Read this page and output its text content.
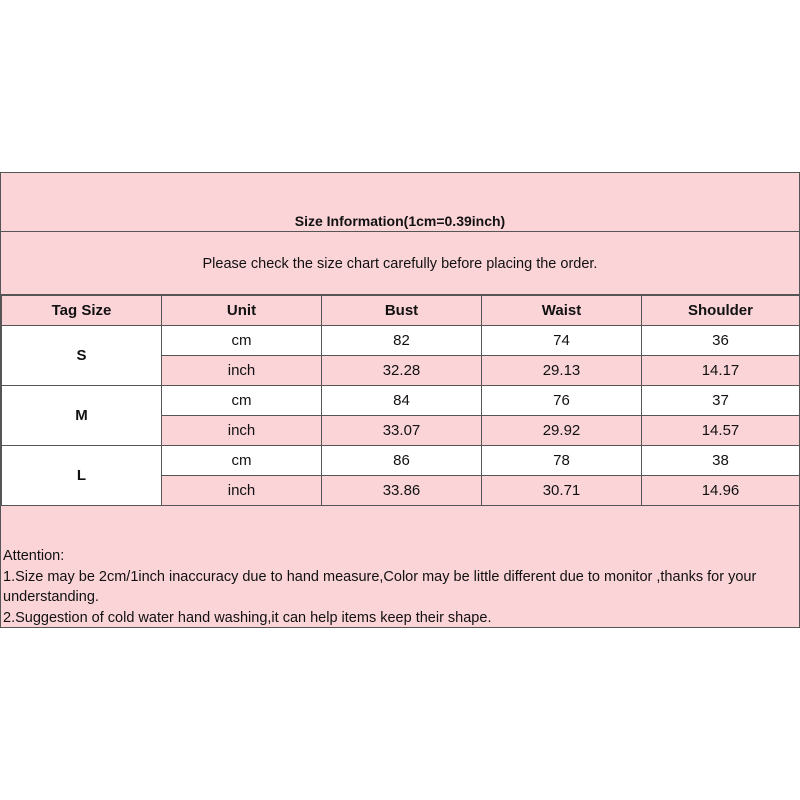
Size Information(1cm=0.39inch)
Please check the size chart carefully before placing the order.
Tag Size	Unit	Bust	Waist	Shoulder
S	cm	82	74	36
	inch	32.28	29.13	14.17
M	cm	84	76	37
	inch	33.07	29.92	14.57
L	cm	86	78	38
	inch	33.86	30.71	14.96
Attention:
1.Size may be 2cm/1inch inaccuracy due to hand measure,Color may be little different due to monitor ,thanks for your understanding.
2.Suggestion of cold water hand washing,it can help items keep their shape.
